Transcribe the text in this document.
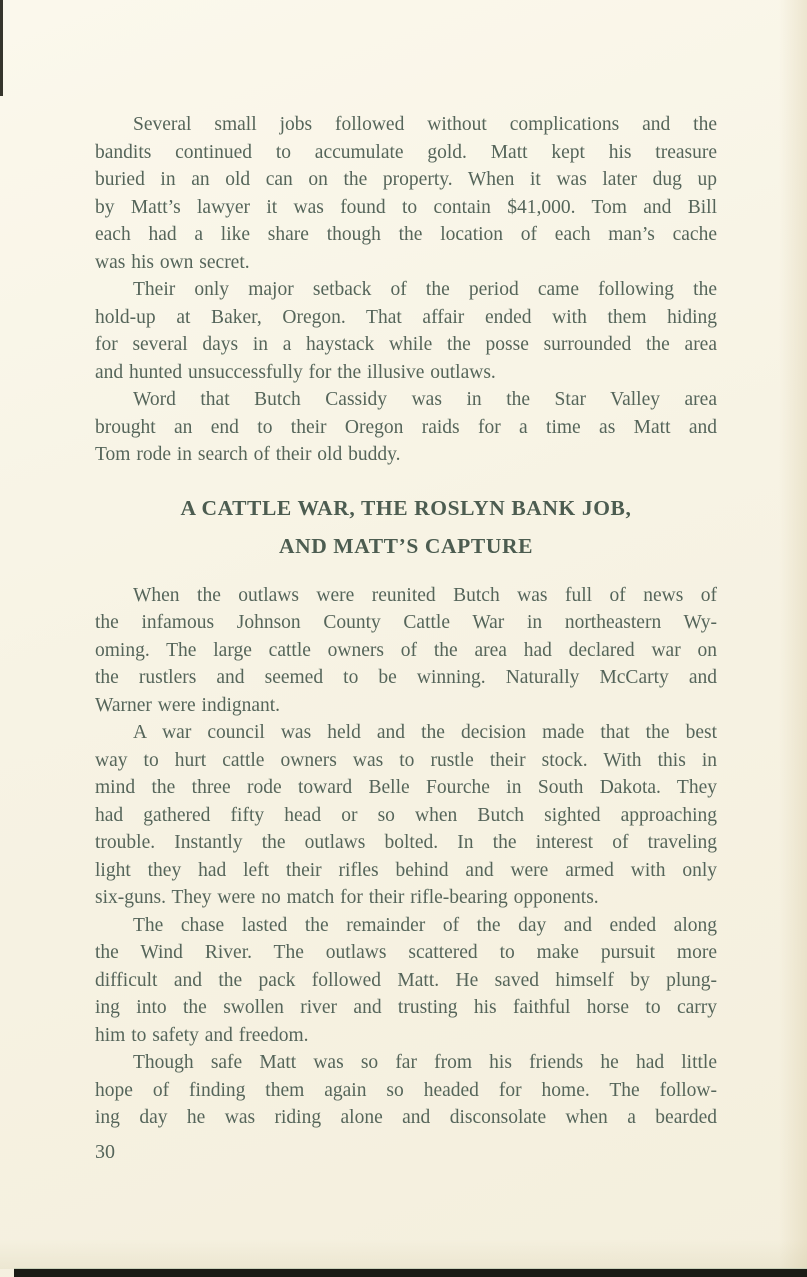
Several small jobs followed without complications and the
bandits continued to accumulate gold. Matt kept his treasure
buried in an old can on the property. When it was later dug up
by Matt’s lawyer it was found to contain $41,000. Tom and Bill
each had a like share though the location of each man’s cache
was his own secret.

Their only major setback of the period came following the
hold-up at Baker, Oregon. That affair ended with them hiding
for several days in a haystack while the posse surrounded the area
and hunted unsuccessfully for the illusive outlaws.

Word that Butch Cassidy was in the Star Valley area
brought an end to their Oregon raids for a time as Matt and
Tom rode in search of their old buddy.

A CATTLE WAR, THE ROSLYN BANK JOB,
AND MATT’S CAPTURE

When the outlaws were reunited Butch was full of news of
the infamous Johnson County Cattle War in northeastern Wy-
oming. The large cattle owners of the area had declared war on
the rustlers and seemed to be winning. Naturally McCarty and
Warner were indignant.

A war council was held and the decision made that the best
way to hurt cattle owners was to rustle their stock. With this in
mind the three rode toward Belle Fourche in South Dakota. They
had gathered fifty head or so when Butch sighted approaching
trouble. Instantly the outlaws bolted. In the interest of traveling
light they had left their rifles behind and were armed with only
six-guns. They were no match for their rifle-bearing opponents.

The chase lasted the remainder of the day and ended along
the Wind River. The outlaws scattered to make pursuit more
difficult and the pack followed Matt. He saved himself by plung-
ing into the swollen river and trusting his faithful horse to carry
him to safety and freedom.

Though safe Matt was so far from his friends he had little
hope of finding them again so headed for home. The follow-
ing day he was riding alone and disconsolate when a bearded

30
